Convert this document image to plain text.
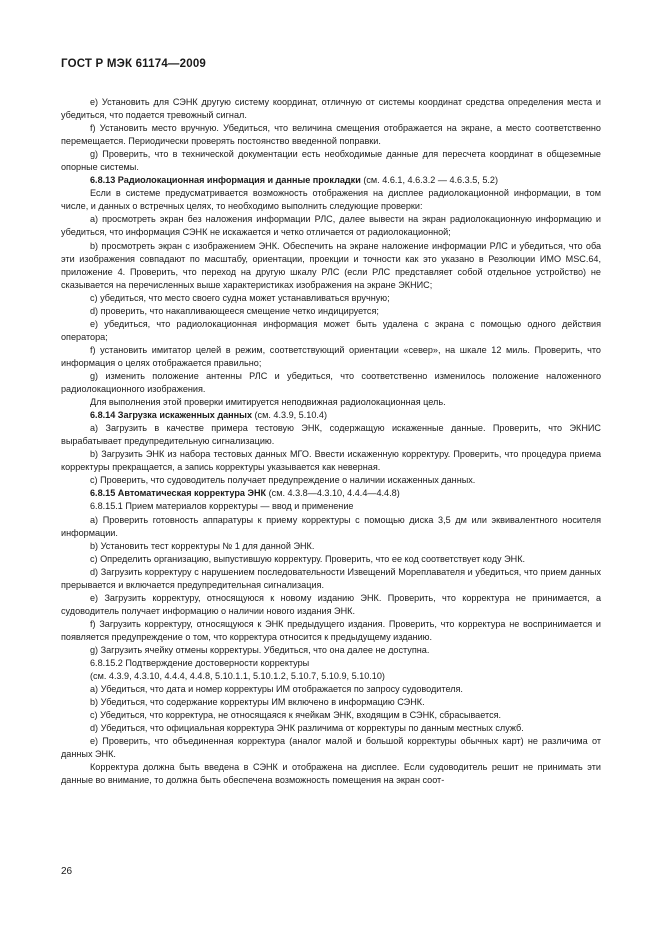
ГОСТ Р МЭК 61174—2009

e) Установить для СЭНК другую систему координат, отличную от системы координат средства определения места и убедиться, что подается тревожный сигнал.

f) Установить место вручную. Убедиться, что величина смещения отображается на экране, а место соответственно перемещается. Периодически проверять постоянство введенной поправки.

g) Проверить, что в технической документации есть необходимые данные для пересчета координат в общеземные опорные системы.

6.8.13 Радиолокационная информация и данные прокладки (см. 4.6.1, 4.6.3.2 — 4.6.3.5, 5.2)

Если в системе предусматривается возможность отображения на дисплее радиолокационной информации, в том числе, и данных о встречных целях, то необходимо выполнить следующие проверки:

a) просмотреть экран без наложения информации РЛС, далее вывести на экран радиолокационную информацию и убедиться, что информация СЭНК не искажается и четко отличается от радиолокационной;

b) просмотреть экран с изображением ЭНК. Обеспечить на экране наложение информации РЛС и убедиться, что оба эти изображения совпадают по масштабу, ориентации, проекции и точности как это указано в Резолюции ИМО MSC.64, приложение 4. Проверить, что переход на другую шкалу РЛС (если РЛС представляет собой отдельное устройство) не сказывается на перечисленных выше характеристиках изображения на экране ЭКНИС;

c) убедиться, что место своего судна может устанавливаться вручную;

d) проверить, что накапливающееся смещение четко индицируется;

e) убедиться, что радиолокационная информация может быть удалена с экрана с помощью одного действия оператора;

f) установить имитатор целей в режим, соответствующий ориентации «север», на шкале 12 миль. Проверить, что информация о целях отображается правильно;

g) изменить положение антенны РЛС и убедиться, что соответственно изменилось положение наложенного радиолокационного изображения.

Для выполнения этой проверки имитируется неподвижная радиолокационная цель.

6.8.14 Загрузка искаженных данных (см. 4.3.9, 5.10.4)

a) Загрузить в качестве примера тестовую ЭНК, содержащую искаженные данные. Проверить, что ЭКНИС вырабатывает предупредительную сигнализацию.

b) Загрузить ЭНК из набора тестовых данных МГО. Ввести искаженную корректуру. Проверить, что процедура приема корректуры прекращается, а запись корректуры указывается как неверная.

c) Проверить, что судоводитель получает предупреждение о наличии искаженных данных.

6.8.15 Автоматическая корректура ЭНК (см. 4.3.8—4.3.10, 4.4.4—4.4.8)

6.8.15.1 Прием материалов корректуры — ввод и применение

a) Проверить готовность аппаратуры к приему корректуры с помощью диска 3,5 дм или эквивалентного носителя информации.

b) Установить тест корректуры № 1 для данной ЭНК.

c) Определить организацию, выпустившую корректуру. Проверить, что ее код соответствует коду ЭНК.

d) Загрузить корректуру с нарушением последовательности Извещений Мореплавателя и убедиться, что прием данных прерывается и включается предупредительная сигнализация.

e) Загрузить корректуру, относящуюся к новому изданию ЭНК. Проверить, что корректура не принимается, а судоводитель получает информацию о наличии нового издания ЭНК.

f) Загрузить корректуру, относящуюся к ЭНК предыдущего издания. Проверить, что корректура не воспринимается и появляется предупреждение о том, что корректура относится к предыдущему изданию.

g) Загрузить ячейку отмены корректуры. Убедиться, что она далее не доступна.

6.8.15.2 Подтверждение достоверности корректуры

(см. 4.3.9, 4.3.10, 4.4.4, 4.4.8, 5.10.1.1, 5.10.1.2, 5.10.7, 5.10.9, 5.10.10)

a) Убедиться, что дата и номер корректуры ИМ отображается по запросу судоводителя.

b) Убедиться, что содержание корректуры ИМ включено в информацию СЭНК.

c) Убедиться, что корректура, не относящаяся к ячейкам ЭНК, входящим в СЭНК, сбрасывается.

d) Убедиться, что официальная корректура ЭНК различима от корректуры по данным местных служб.

e) Проверить, что объединенная корректура (аналог малой и большой корректуры обычных карт) не различима от данных ЭНК.

Корректура должна быть введена в СЭНК и отображена на дисплее. Если судоводитель решит не принимать эти данные во внимание, то должна быть обеспечена возможность помещения на экран соот-

26
